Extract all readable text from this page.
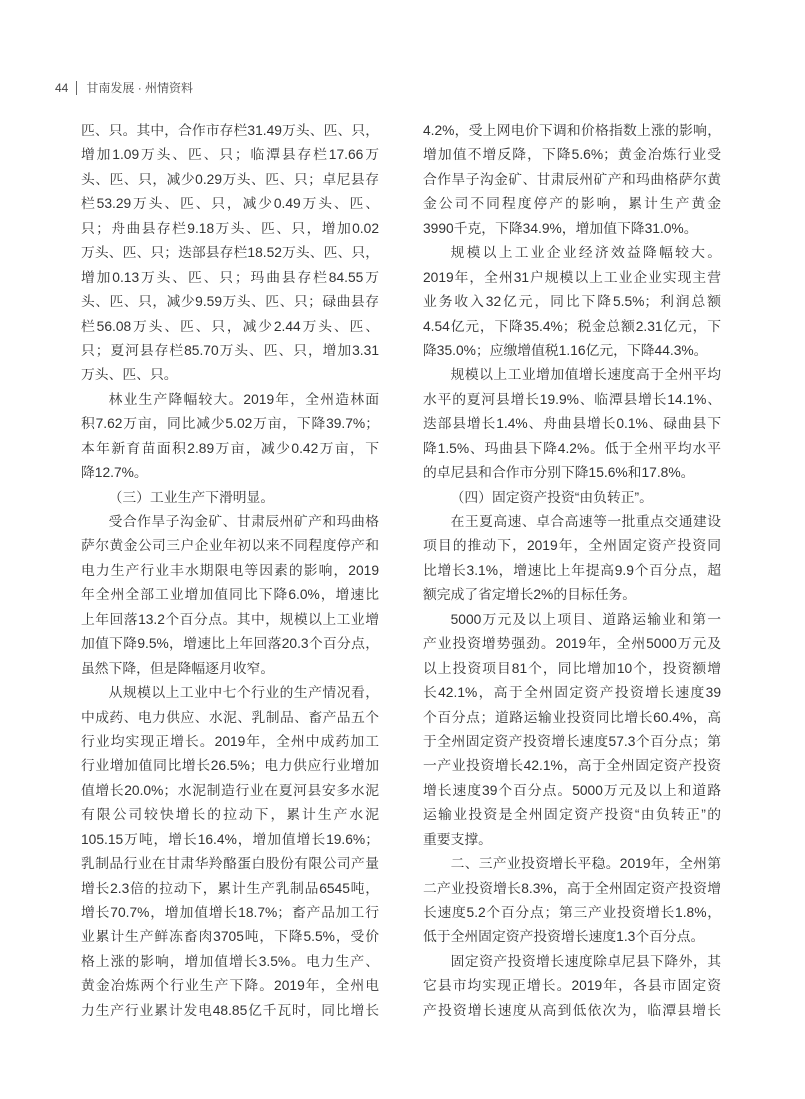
44 甘南发展 · 州情资料
匹、只。其中，合作市存栏31.49万头、匹、只，
增加1.09万头、匹、只；临潭县存栏17.66万
头、匹、只，减少0.29万头、匹、只；卓尼县存
栏53.29万头、匹、只，减少0.49万头、匹、
只；舟曲县存栏9.18万头、匹、只，增加0.02
万头、匹、只；迭部县存栏18.52万头、匹、只，
增加0.13万头、匹、只；玛曲县存栏84.55万
头、匹、只，减少9.59万头、匹、只；碌曲县存
栏56.08万头、匹、只，减少2.44万头、匹、
只；夏河县存栏85.70万头、匹、只，增加3.31
万头、匹、只。
林业生产降幅较大。2019年，全州造林面
积7.62万亩，同比减少5.02万亩，下降39.7%；
本年新育苗面积2.89万亩，减少0.42万亩，下
降12.7%。
（三）工业生产下滑明显。
受合作旱子沟金矿、甘肃辰州矿产和玛曲格
萨尔黄金公司三户企业年初以来不同程度停产和
电力生产行业丰水期限电等因素的影响，2019
年全州全部工业增加值同比下降6.0%，增速比
上年回落13.2个百分点。其中，规模以上工业增
加值下降9.5%，增速比上年回落20.3个百分点，
虽然下降，但是降幅逐月收窄。
从规模以上工业中七个行业的生产情况看，
中成药、电力供应、水泥、乳制品、畜产品五个
行业均实现正增长。2019年，全州中成药加工
行业增加值同比增长26.5%；电力供应行业增加
值增长20.0%；水泥制造行业在夏河县安多水泥
有限公司较快增长的拉动下，累计生产水泥
105.15万吨，增长16.4%，增加值增长19.6%；
乳制品行业在甘肃华羚酪蛋白股份有限公司产量
增长2.3倍的拉动下，累计生产乳制品6545吨，
增长70.7%，增加值增长18.7%；畜产品加工行
业累计生产鲜冻畜肉3705吨，下降5.5%，受价
格上涨的影响，增加值增长3.5%。电力生产、
黄金冶炼两个行业生产下降。2019年，全州电
力生产行业累计发电48.85亿千瓦时，同比增长
4.2%，受上网电价下调和价格指数上涨的影响，
增加值不增反降，下降5.6%；黄金冶炼行业受
合作旱子沟金矿、甘肃辰州矿产和玛曲格萨尔黄
金公司不同程度停产的影响，累计生产黄金
3990千克，下降34.9%，增加值下降31.0%。
规模以上工业企业经济效益降幅较大。
2019年，全州31户规模以上工业企业实现主营
业务收入32亿元，同比下降5.5%；利润总额
4.54亿元，下降35.4%；税金总额2.31亿元，下
降35.0%；应缴增值税1.16亿元，下降44.3%。
规模以上工业增加值增长速度高于全州平均
水平的夏河县增长19.9%、临潭县增长14.1%、
迭部县增长1.4%、舟曲县增长0.1%、碌曲县下
降1.5%、玛曲县下降4.2%。低于全州平均水平
的卓尼县和合作市分别下降15.6%和17.8%。
（四）固定资产投资“由负转正”。
在王夏高速、卓合高速等一批重点交通建设
项目的推动下，2019年，全州固定资产投资同
比增长3.1%，增速比上年提高9.9个百分点，超
额完成了省定增长2%的目标任务。
5000万元及以上项目、道路运输业和第一
产业投资增势强劲。2019年，全州5000万元及
以上投资项目81个，同比增加10个，投资额增
长42.1%，高于全州固定资产投资增长速度39
个百分点；道路运输业投资同比增长60.4%，高
于全州固定资产投资增长速度57.3个百分点；第
一产业投资增长42.1%，高于全州固定资产投资
增长速度39个百分点。5000万元及以上和道路
运输业投资是全州固定资产投资“由负转正”的
重要支撑。
二、三产业投资增长平稳。2019年，全州第
二产业投资增长8.3%，高于全州固定资产投资增
长速度5.2个百分点；第三产业投资增长1.8%，
低于全州固定资产投资增长速度1.3个百分点。
固定资产投资增长速度除卓尼县下降外，其
它县市均实现正增长。2019年，各县市固定资
产投资增长速度从高到低依次为，临潭县增长
